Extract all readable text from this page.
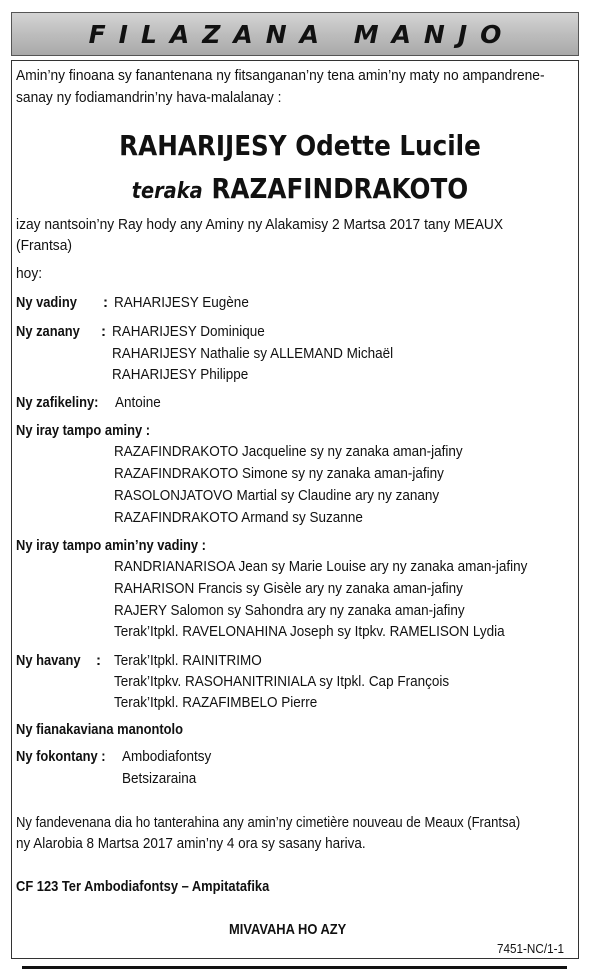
FILAZANA MANJO
Amin’ny finoana sy fanantenana ny fitsanganan’ny tena amin’ny maty no ampandrene-
sanay ny fodiamandrin’ny hava-malalanay :
RAHARIJESY Odette Lucile
teraka RAZAFINDRAKOTO
izay nantsoin’ny Ray hody any Aminy ny Alakamisy 2 Martsa 2017 tany MEAUX
(Frantsa)
hoy:
Ny vadiny : RAHARIJESY Eugène
Ny zanany : RAHARIJESY Dominique
RAHARIJESY Nathalie sy ALLEMAND Michaël
RAHARIJESY Philippe
Ny zafikeliny: Antoine
Ny iray tampo aminy :
RAZAFINDRAKOTO Jacqueline sy ny zanaka aman-jafiny
RAZAFINDRAKOTO Simone sy ny zanaka aman-jafiny
RASOLONJATOVO Martial sy Claudine ary ny zanany
RAZAFINDRAKOTO Armand sy Suzanne
Ny iray tampo amin’ny vadiny :
RANDRIANARISOA Jean sy Marie Louise ary ny zanaka aman-jafiny
RAHARISON Francis sy Gisèle ary ny zanaka aman-jafiny
RAJERY Salomon sy Sahondra ary ny zanaka aman-jafiny
Terak’Itpkl. RAVELONAHINA Joseph sy Itpkv. RAMELISON Lydia
Ny havany : Terak’Itpkl. RAINITRIMO
Terak’Itpkv. RASOHANITRINIALA sy Itpkl. Cap François
Terak’Itpkl. RAZAFIMBELO Pierre
Ny fianakaviana manontolo
Ny fokontany : Ambodiafontsy
Betsizaraina
Ny fandevenana dia ho tanterahina any amin’ny cimetière nouveau de Meaux (Frantsa)
ny Alarobia 8 Martsa 2017 amin’ny 4 ora sy sasany hariva.
CF 123 Ter Ambodiafontsy – Ampitatafika
MIVAVAHA HO AZY
7451-NC/1-1
